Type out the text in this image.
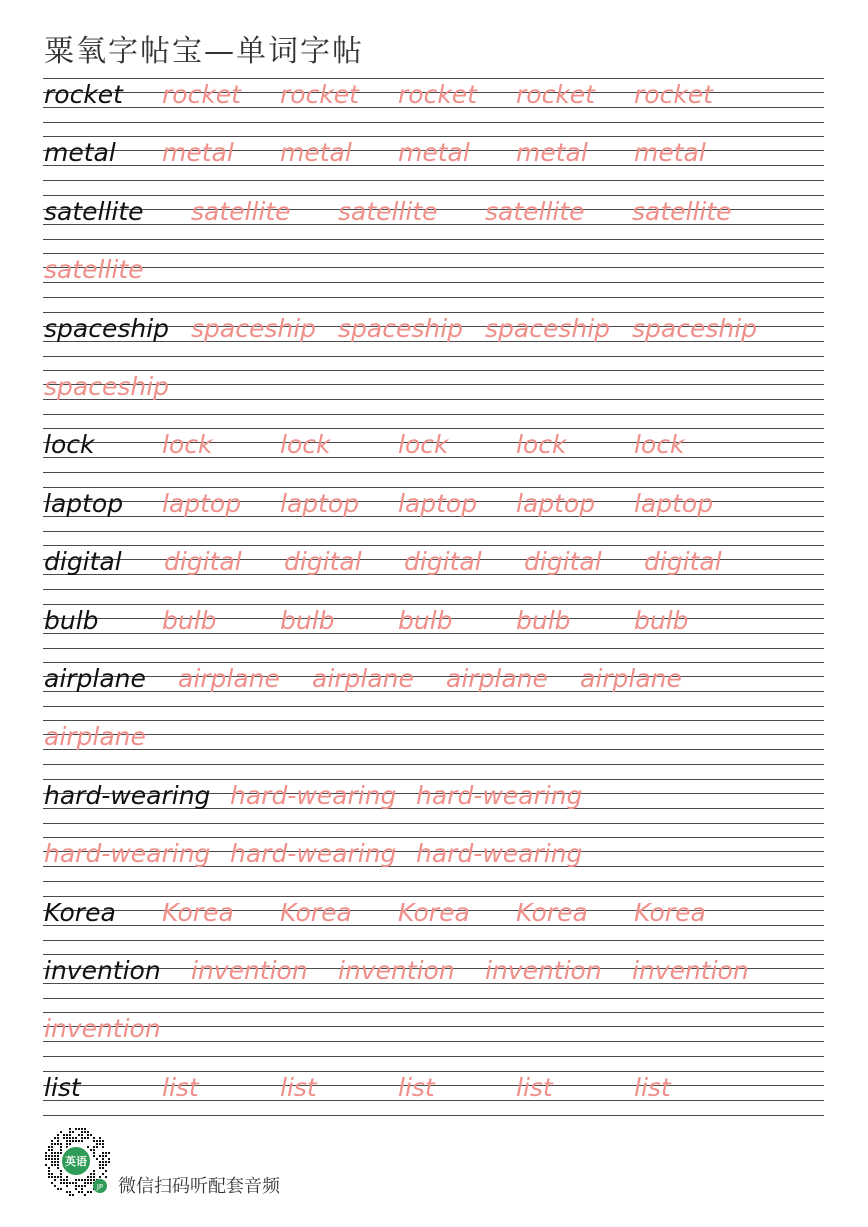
粟氧字帖宝—单词字帖
rocket rocket rocket rocket rocket rocket
metal metal metal metal metal metal
satellite satellite satellite satellite satellite
satellite
spaceship spaceship spaceship spaceship spaceship
spaceship
lock	lock	lock	lock	lock	lock
laptop laptop laptop laptop laptop laptop
digital digital digital digital digital digital
bulb	bulb	bulb	bulb	bulb	bulb
airplane airplane airplane airplane airplane
airplane
hard-wearing hard-wearing hard-wearing
hard-wearing hard-wearing hard-wearing
Korea Korea Korea Korea Korea Korea
invention invention invention invention invention
invention
list	list	list	list	list	list
英语
JP 微信扫码听配套音频
